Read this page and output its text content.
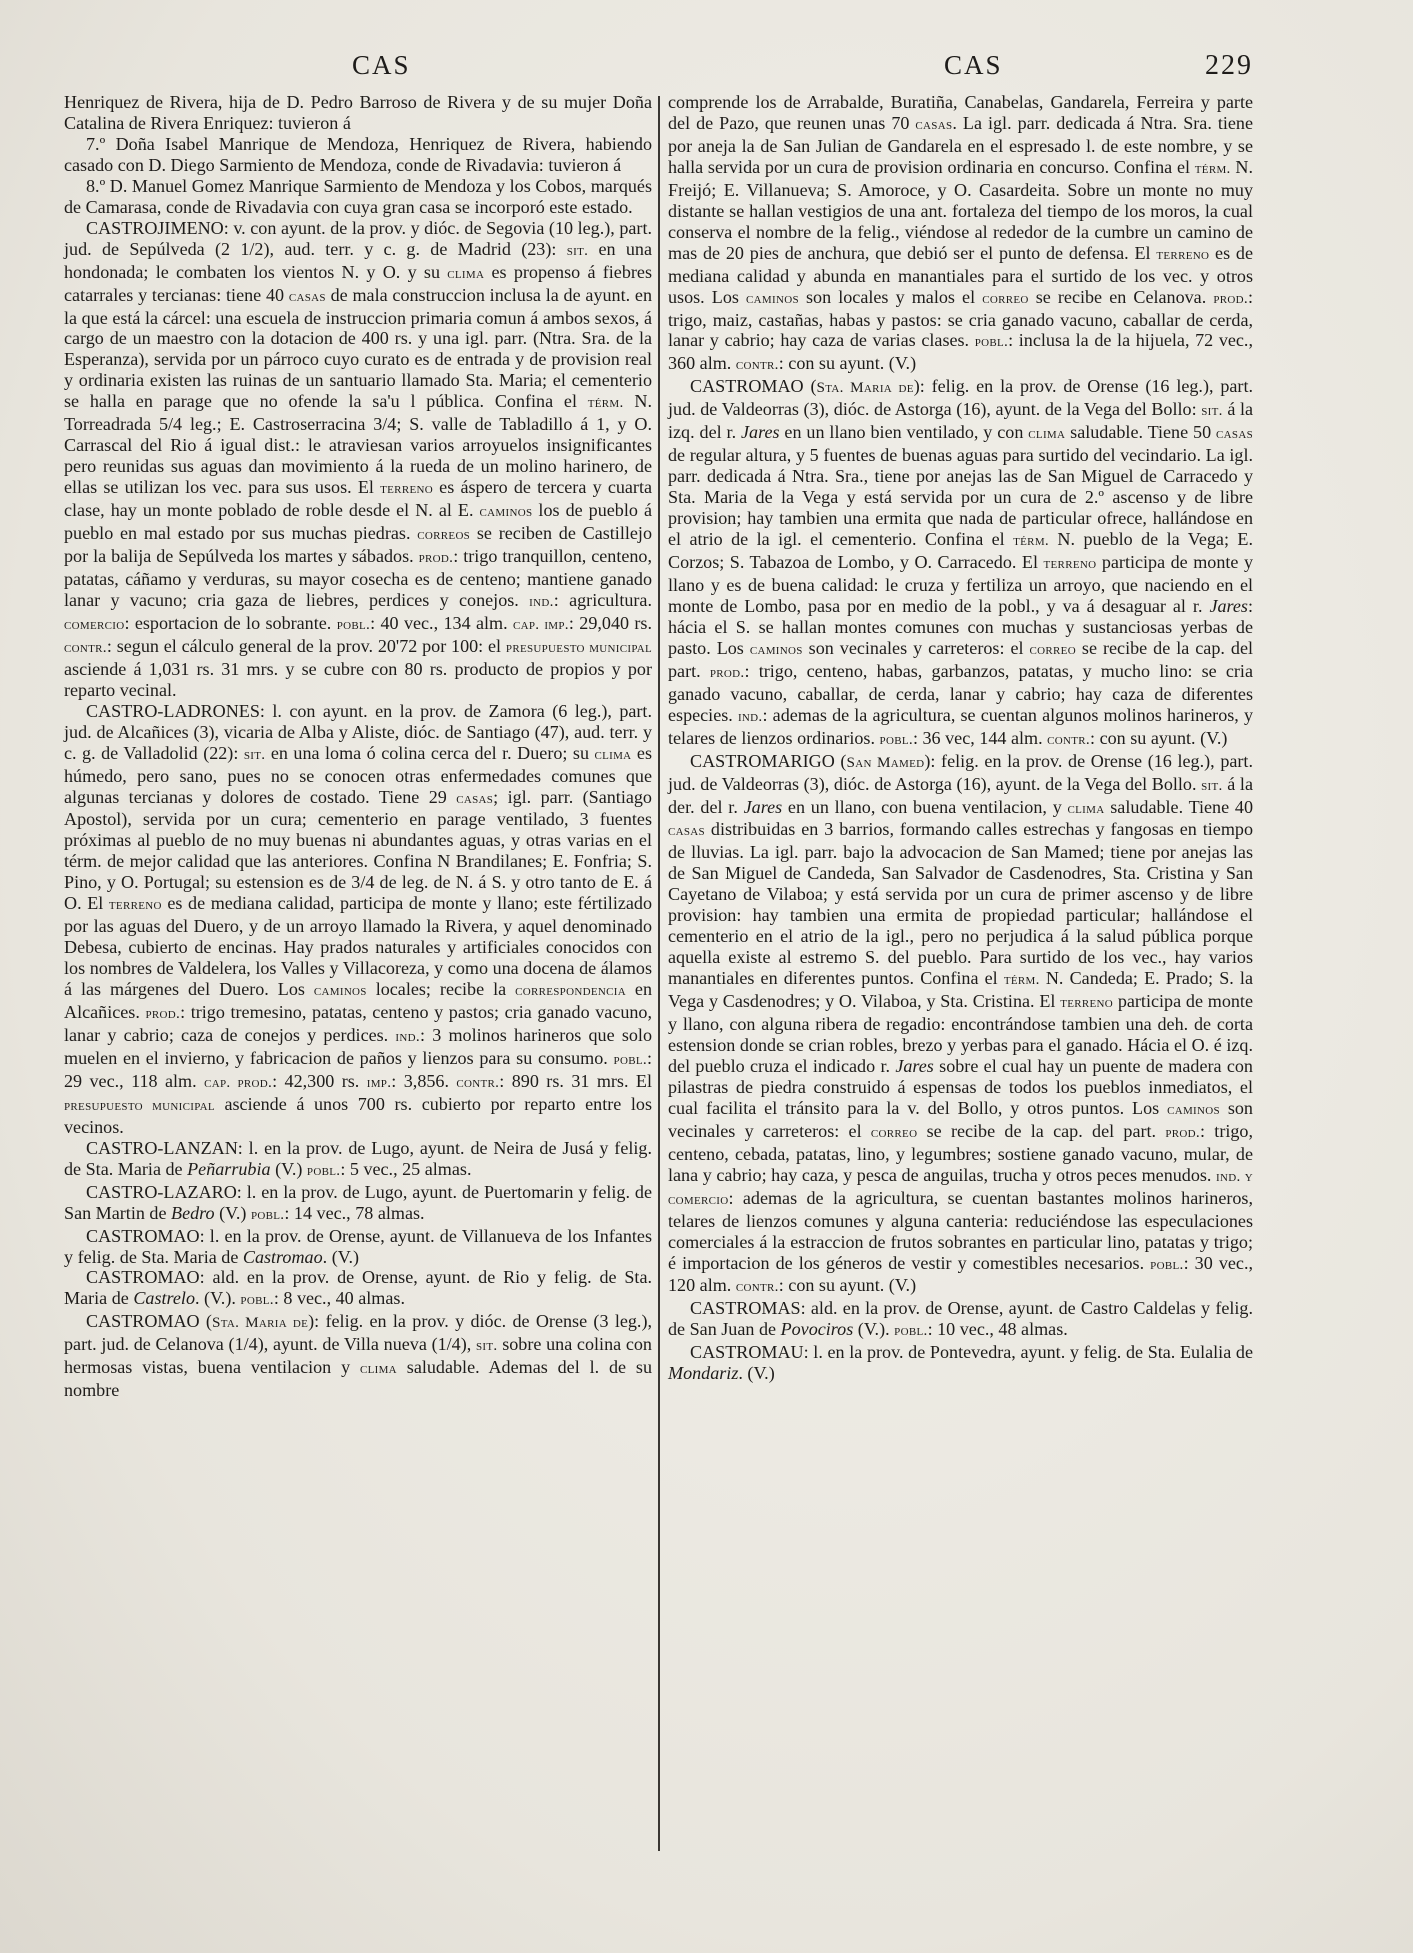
CAS	CAS	229

Henriquez de Rivera, hija de D. Pedro Barroso de Rivera y de su mujer Doña Catalina de Rivera Enriquez: tuvieron á

7.º Doña Isabel Manrique de Mendoza, Henriquez de Rivera, habiendo casado con D. Diego Sarmiento de Mendoza, conde de Rivadavia: tuvieron á

8.º D. Manuel Gomez Manrique Sarmiento de Mendoza y los Cobos, marqués de Camarasa, conde de Rivadavia con cuya gran casa se incorporó este estado.

CASTROJIMENO: v. con ayunt. de la prov. y dióc. de Segovia (10 leg.), part. jud. de Sepúlveda (2 1/2), aud. terr. y c. g. de Madrid (23): sit. en una hondonada; le combaten los vientos N. y O. y su clima es propenso á fiebres catarrales y tercianas: tiene 40 casas de mala construccion inclusa la de ayunt. en la que está la cárcel: una escuela de instruccion primaria comun á ambos sexos, á cargo de un maestro con la dotacion de 400 rs. y una igl. parr. (Ntra. Sra. de la Esperanza), servida por un párroco cuyo curato es de entrada y de provision real y ordinaria existen las ruinas de un santuario llamado Sta. Maria; el cementerio se halla en parage que no ofende la sa'u l pública. Confina el térm. N. Torreadrada 5/4 leg.; E. Castroserracina 3/4; S. valle de Tabladillo á 1, y O. Carrascal del Rio á igual dist.: le atraviesan varios arroyuelos insignificantes pero reunidas sus aguas dan movimiento á la rueda de un molino harinero, de ellas se utilizan los vec. para sus usos. El terreno es áspero de tercera y cuarta clase, hay un monte poblado de roble desde el N. al E. caminos los de pueblo á pueblo en mal estado por sus muchas piedras. correos se reciben de Castillejo por la balija de Sepúlveda los martes y sábados. prod.: trigo tranquillon, centeno, patatas, cáñamo y verduras, su mayor cosecha es de centeno; mantiene ganado lanar y vacuno; cria gaza de liebres, perdices y conejos. ind.: agricultura. comercio: esportacion de lo sobrante. pobl.: 40 vec., 134 alm. cap. imp.: 29,040 rs. contr.: segun el cálculo general de la prov. 20'72 por 100: el presupuesto municipal asciende á 1,031 rs. 31 mrs. y se cubre con 80 rs. producto de propios y por reparto vecinal.

CASTRO-LADRONES: l. con ayunt. en la prov. de Zamora (6 leg.), part. jud. de Alcañices (3), vicaria de Alba y Aliste, dióc. de Santiago (47), aud. terr. y c. g. de Valladolid (22): sit. en una loma ó colina cerca del r. Duero; su clima es húmedo, pero sano, pues no se conocen otras enfermedades comunes que algunas tercianas y dolores de costado. Tiene 29 casas; igl. parr. (Santiago Apostol), servida por un cura; cementerio en parage ventilado, 3 fuentes próximas al pueblo de no muy buenas ni abundantes aguas, y otras varias en el térm. de mejor calidad que las anteriores. Confina N Brandilanes; E. Fonfria; S. Pino, y O. Portugal; su estension es de 3/4 de leg. de N. á S. y otro tanto de E. á O. El terreno es de mediana calidad, participa de monte y llano; este fértilizado por las aguas del Duero, y de un arroyo llamado la Rivera, y aquel denominado Debesa, cubierto de encinas. Hay prados naturales y artificiales conocidos con los nombres de Valdelera, los Valles y Villacoreza, y como una docena de álamos á las márgenes del Duero. Los caminos locales; recibe la correspondencia en Alcañices. prod.: trigo tremesino, patatas, centeno y pastos; cria ganado vacuno, lanar y cabrio; caza de conejos y perdices. ind.: 3 molinos harineros que solo muelen en el invierno, y fabricacion de paños y lienzos para su consumo. pobl.: 29 vec., 118 alm. cap. prod.: 42,300 rs. imp.: 3,856. contr.: 890 rs. 31 mrs. El presupuesto municipal asciende á unos 700 rs. cubierto por reparto entre los vecinos.

CASTRO-LANZAN: l. en la prov. de Lugo, ayunt. de Neira de Jusá y felig. de Sta. Maria de Peñarrubia (V.) pobl.: 5 vec., 25 almas.

CASTRO-LAZARO: l. en la prov. de Lugo, ayunt. de Puertomarin y felig. de San Martin de Bedro (V.) pobl.: 14 vec., 78 almas.

CASTROMAO: l. en la prov. de Orense, ayunt. de Villanueva de los Infantes y felig. de Sta. Maria de Castromao. (V.)

CASTROMAO: ald. en la prov. de Orense, ayunt. de Rio y felig. de Sta. Maria de Castrelo. (V.). pobl.: 8 vec., 40 almas.

CASTROMAO (Sta. Maria de): felig. en la prov. y dióc. de Orense (3 leg.), part. jud. de Celanova (1/4), ayunt. de Villa nueva (1/4), sit. sobre una colina con hermosas vistas, buena ventilacion y clima saludable. Ademas del l. de su nombre

comprende los de Arrabalde, Buratiña, Canabelas, Gandarela, Ferreira y parte del de Pazo, que reunen unas 70 casas. La igl. parr. dedicada á Ntra. Sra. tiene por aneja la de San Julian de Gandarela en el espresado l. de este nombre, y se halla servida por un cura de provision ordinaria en concurso. Confina el térm. N. Freijó; E. Villanueva; S. Amoroce, y O. Casardeita. Sobre un monte no muy distante se hallan vestigios de una ant. fortaleza del tiempo de los moros, la cual conserva el nombre de la felig., viéndose al rededor de la cumbre un camino de mas de 20 pies de anchura, que debió ser el punto de defensa. El terreno es de mediana calidad y abunda en manantiales para el surtido de los vec. y otros usos. Los caminos son locales y malos el correo se recibe en Celanova. prod.: trigo, maiz, castañas, habas y pastos: se cria ganado vacuno, caballar de cerda, lanar y cabrio; hay caza de varias clases. pobl.: inclusa la de la hijuela, 72 vec., 360 alm. contr.: con su ayunt. (V.)

CASTROMAO (Sta. Maria de): felig. en la prov. de Orense (16 leg.), part. jud. de Valdeorras (3), dióc. de Astorga (16), ayunt. de la Vega del Bollo: sit. á la izq. del r. Jares en un llano bien ventilado, y con clima saludable. Tiene 50 casas de regular altura, y 5 fuentes de buenas aguas para surtido del vecindario. La igl. parr. dedicada á Ntra. Sra., tiene por anejas las de San Miguel de Carracedo y Sta. Maria de la Vega y está servida por un cura de 2.º ascenso y de libre provision; hay tambien una ermita que nada de particular ofrece, hallándose en el atrio de la igl. el cementerio. Confina el térm. N. pueblo de la Vega; E. Corzos; S. Tabazoa de Lombo, y O. Carracedo. El terreno participa de monte y llano y es de buena calidad: le cruza y fertiliza un arroyo, que naciendo en el monte de Lombo, pasa por en medio de la pobl., y va á desaguar al r. Jares: hácia el S. se hallan montes comunes con muchas y sustanciosas yerbas de pasto. Los caminos son vecinales y carreteros: el correo se recibe de la cap. del part. prod.: trigo, centeno, habas, garbanzos, patatas, y mucho lino: se cria ganado vacuno, caballar, de cerda, lanar y cabrio; hay caza de diferentes especies. ind.: ademas de la agricultura, se cuentan algunos molinos harineros, y telares de lienzos ordinarios. pobl.: 36 vec, 144 alm. contr.: con su ayunt. (V.)

CASTROMARIGO (San Mamed): felig. en la prov. de Orense (16 leg.), part. jud. de Valdeorras (3), dióc. de Astorga (16), ayunt. de la Vega del Bollo. sit. á la der. del r. Jares en un llano, con buena ventilacion, y clima saludable. Tiene 40 casas distribuidas en 3 barrios, formando calles estrechas y fangosas en tiempo de lluvias. La igl. parr. bajo la advocacion de San Mamed; tiene por anejas las de San Miguel de Candeda, San Salvador de Casdenodres, Sta. Cristina y San Cayetano de Vilaboa; y está servida por un cura de primer ascenso y de libre provision: hay tambien una ermita de propiedad particular; hallándose el cementerio en el atrio de la igl., pero no perjudica á la salud pública porque aquella existe al estremo S. del pueblo. Para surtido de los vec., hay varios manantiales en diferentes puntos. Confina el térm. N. Candeda; E. Prado; S. la Vega y Casdenodres; y O. Vilaboa, y Sta. Cristina. El terreno participa de monte y llano, con alguna ribera de regadio: encontrándose tambien una deh. de corta estension donde se crian robles, brezo y yerbas para el ganado. Hácia el O. é izq. del pueblo cruza el indicado r. Jares sobre el cual hay un puente de madera con pilastras de piedra construido á espensas de todos los pueblos inmediatos, el cual facilita el tránsito para la v. del Bollo, y otros puntos. Los caminos son vecinales y carreteros: el correo se recibe de la cap. del part. prod.: trigo, centeno, cebada, patatas, lino, y legumbres; sostiene ganado vacuno, mular, de lana y cabrio; hay caza, y pesca de anguilas, trucha y otros peces menudos. ind. y comercio: ademas de la agricultura, se cuentan bastantes molinos harineros, telares de lienzos comunes y alguna canteria: reduciéndose las especulaciones comerciales á la estraccion de frutos sobrantes en particular lino, patatas y trigo; é importacion de los géneros de vestir y comestibles necesarios. pobl.: 30 vec., 120 alm. contr.: con su ayunt. (V.)

CASTROMAS: ald. en la prov. de Orense, ayunt. de Castro Caldelas y felig. de San Juan de Povociros (V.). pobl.: 10 vec., 48 almas.

CASTROMAU: l. en la prov. de Pontevedra, ayunt. y felig. de Sta. Eulalia de Mondariz. (V.)
